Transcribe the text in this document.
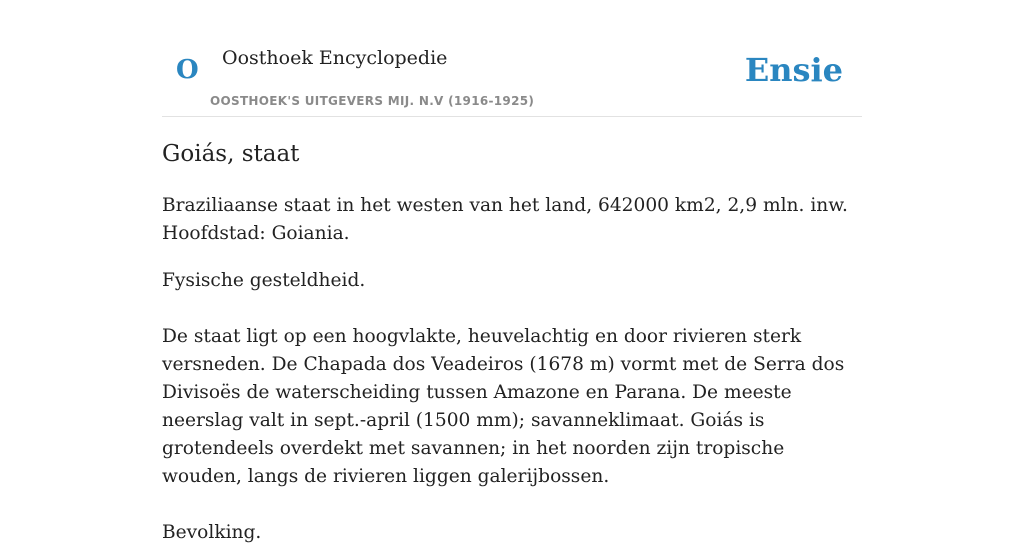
O Oosthoek Encyclopedie	Ensie
OOSTHOEK'S UITGEVERS MIJ. N.V (1916-1925)
Goiás, staat

Braziliaanse staat in het westen van het land, 642000 km2, 2,9 mln. inw. Hoofdstad: Goiania.

Fysische gesteldheid.

De staat ligt op een hoogvlakte, heuvelachtig en door rivieren sterk versneden. De Chapada dos Veadeiros (1678 m) vormt met de Serra dos Divisoës de waterscheiding tussen Amazone en Parana. De meeste neerslag valt in sept.-april (1500 mm); savanneklimaat. Goiás is grotendeels overdekt met savannen; in het noorden zijn tropische wouden, langs de rivieren liggen galerijbossen.

Bevolking.
